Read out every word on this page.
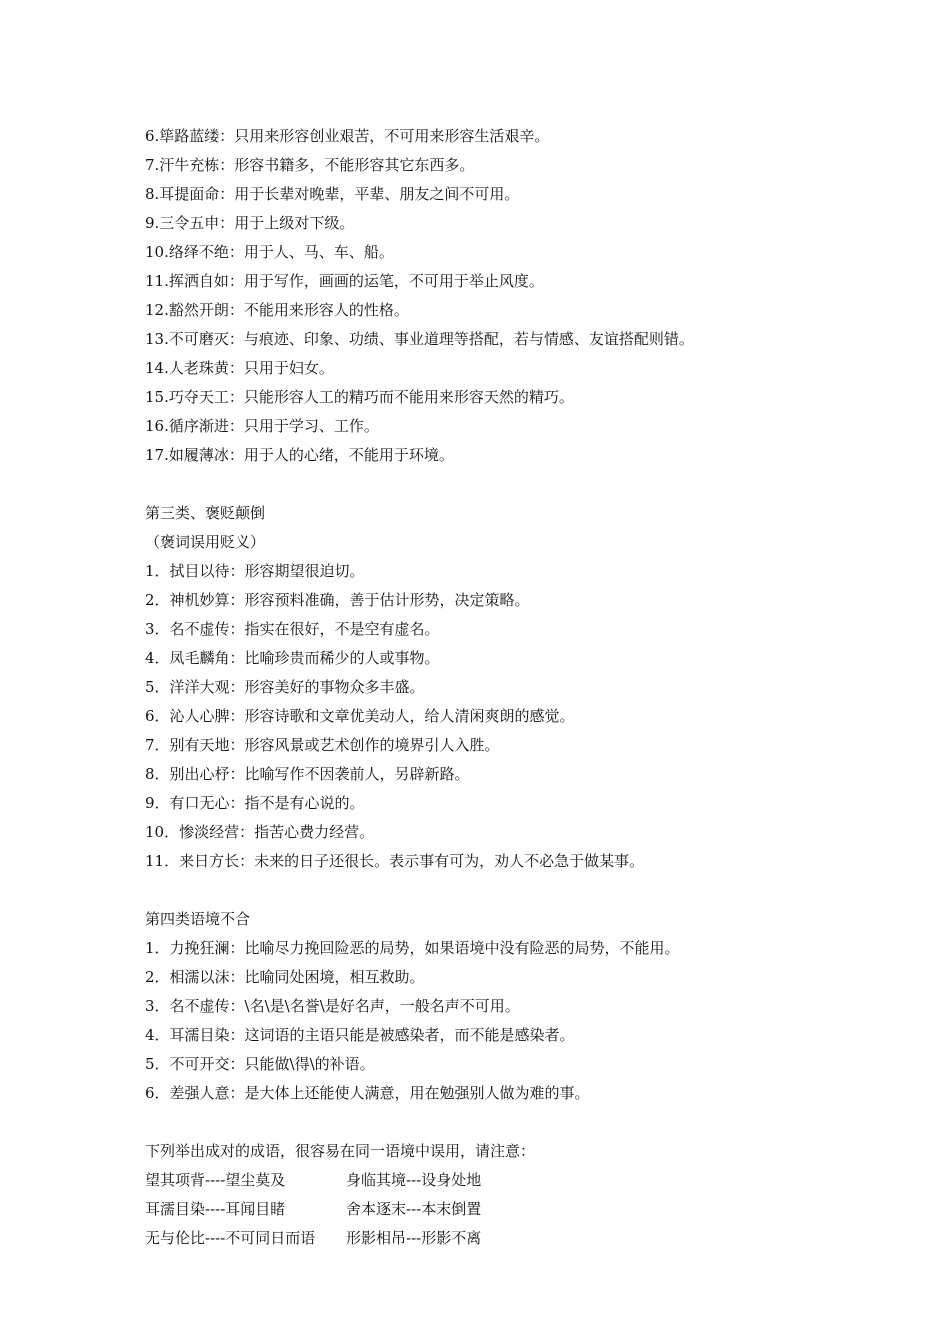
6.筚路蓝缕：只用来形容创业艰苦，不可用来形容生活艰辛。
7.汗牛充栋：形容书籍多，不能形容其它东西多。
8.耳提面命：用于长辈对晚辈，平辈、朋友之间不可用。
9.三令五申：用于上级对下级。
10.络绎不绝：用于人、马、车、船。
11.挥洒自如：用于写作，画画的运笔，不可用于举止风度。
12.豁然开朗：不能用来形容人的性格。
13.不可磨灭：与痕迹、印象、功绩、事业道理等搭配，若与情感、友谊搭配则错。
14.人老珠黄：只用于妇女。
15.巧夺天工：只能形容人工的精巧而不能用来形容天然的精巧。
16.循序渐进：只用于学习、工作。
17.如履薄冰：用于人的心绪，不能用于环境。
第三类、褒贬颠倒
（褒词误用贬义）
1．拭目以待：形容期望很迫切。
2．神机妙算：形容预料准确，善于估计形势，决定策略。
3．名不虚传：指实在很好，不是空有虚名。
4．凤毛麟角：比喻珍贵而稀少的人或事物。
5．洋洋大观：形容美好的事物众多丰盛。
6．沁人心脾：形容诗歌和文章优美动人，给人清闲爽朗的感觉。
7．别有天地：形容风景或艺术创作的境界引人入胜。
8．别出心杼：比喻写作不因袭前人，另辟新路。
9．有口无心：指不是有心说的。
10．惨淡经营：指苦心费力经营。
11．来日方长：未来的日子还很长。表示事有可为，劝人不必急于做某事。
第四类语境不合
1．力挽狂澜：比喻尽力挽回险恶的局势，如果语境中没有险恶的局势，不能用。
2．相濡以沫：比喻同处困境，相互救助。
3．名不虚传：\名\是\名誉\是好名声，一般名声不可用。
4．耳濡目染：这词语的主语只能是被感染者，而不能是感染者。
5．不可开交：只能做\得\的补语。
6．差强人意：是大体上还能使人满意，用在勉强别人做为难的事。
下列举出成对的成语，很容易在同一语境中误用，请注意：
望其项背----望尘莫及	身临其境---设身处地
耳濡目染----耳闻目睹	舍本逐末---本末倒置
无与伦比----不可同日而语	形影相吊---形影不离
